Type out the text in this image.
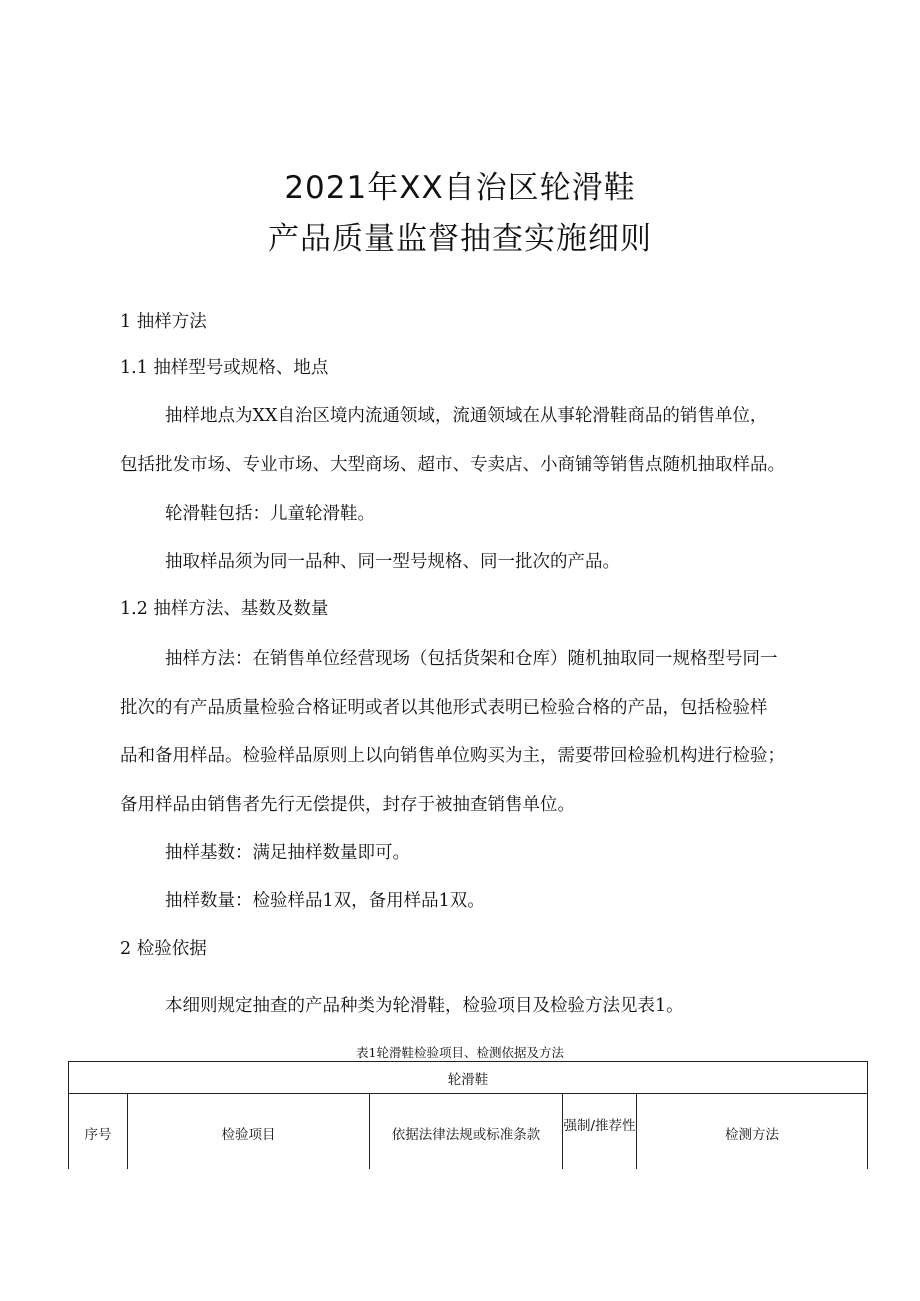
2021年XX自治区轮滑鞋
产品质量监督抽查实施细则
1 抽样方法
1.1 抽样型号或规格、地点
抽样地点为XX自治区境内流通领域，流通领域在从事轮滑鞋商品的销售单位，
包括批发市场、专业市场、大型商场、超市、专卖店、小商铺等销售点随机抽取样品。
轮滑鞋包括：儿童轮滑鞋。
抽取样品须为同一品种、同一型号规格、同一批次的产品。
1.2 抽样方法、基数及数量
抽样方法：在销售单位经营现场（包括货架和仓库）随机抽取同一规格型号同一
批次的有产品质量检验合格证明或者以其他形式表明已检验合格的产品，包括检验样
品和备用样品。检验样品原则上以向销售单位购买为主，需要带回检验机构进行检验；
备用样品由销售者先行无偿提供，封存于被抽查销售单位。
抽样基数：满足抽样数量即可。
抽样数量：检验样品1双，备用样品1双。
2 检验依据
本细则规定抽查的产品种类为轮滑鞋，检验项目及检验方法见表1。
表1轮滑鞋检验项目、检测依据及方法
轮滑鞋
序号	检验项目	依据法律法规或标准条款
强制/推荐性
检测方法
